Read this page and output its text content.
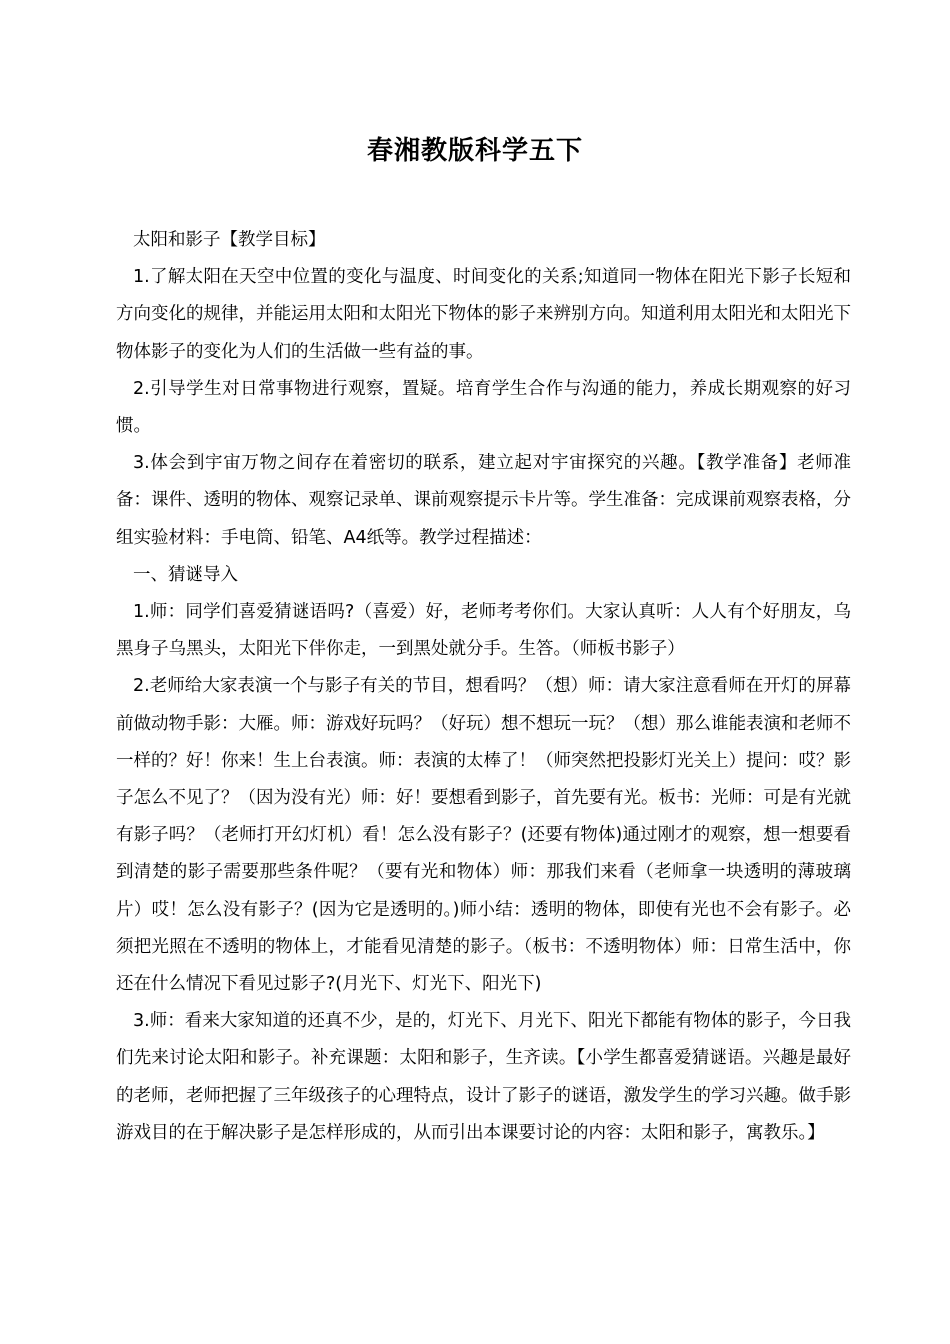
春湘教版科学五下

太阳和影子【教学目标】

1.了解太阳在天空中位置的变化与温度、时间变化的关系;知道同一物体在阳光下影子长短和方向变化的规律，并能运用太阳和太阳光下物体的影子来辨别方向。知道利用太阳光和太阳光下物体影子的变化为人们的生活做一些有益的事。

2.引导学生对日常事物进行观察，置疑。培育学生合作与沟通的能力，养成长期观察的好习惯。

3.体会到宇宙万物之间存在着密切的联系，建立起对宇宙探究的兴趣。【教学准备】老师准备：课件、透明的物体、观察记录单、课前观察提示卡片等。学生准备：完成课前观察表格，分组实验材料：手电筒、铅笔、A4纸等。教学过程描述：

一、猜谜导入

1.师：同学们喜爱猜谜语吗?（喜爱）好，老师考考你们。大家认真听：人人有个好朋友，乌黑身子乌黑头，太阳光下伴你走，一到黑处就分手。生答。（师板书影子）

2.老师给大家表演一个与影子有关的节目，想看吗？（想）师：请大家注意看师在开灯的屏幕前做动物手影：大雁。师：游戏好玩吗？（好玩）想不想玩一玩？（想）那么谁能表演和老师不一样的？好！你来！生上台表演。师：表演的太棒了！（师突然把投影灯光关上）提问：哎？影子怎么不见了？（因为没有光）师：好！要想看到影子，首先要有光。板书：光师：可是有光就有影子吗？（老师打开幻灯机）看！怎么没有影子？(还要有物体)通过刚才的观察，想一想要看到清楚的影子需要那些条件呢？（要有光和物体）师：那我们来看（老师拿一块透明的薄玻璃片）哎！怎么没有影子？(因为它是透明的。)师小结：透明的物体，即使有光也不会有影子。必须把光照在不透明的物体上，才能看见清楚的影子。（板书：不透明物体）师：日常生活中，你还在什么情况下看见过影子?(月光下、灯光下、阳光下)

3.师：看来大家知道的还真不少，是的，灯光下、月光下、阳光下都能有物体的影子，今日我们先来讨论太阳和影子。补充课题：太阳和影子，生齐读。【小学生都喜爱猜谜语。兴趣是最好的老师，老师把握了三年级孩子的心理特点，设计了影子的谜语，激发学生的学习兴趣。做手影游戏目的在于解决影子是怎样形成的，从而引出本课要讨论的内容：太阳和影子，寓教乐。】
